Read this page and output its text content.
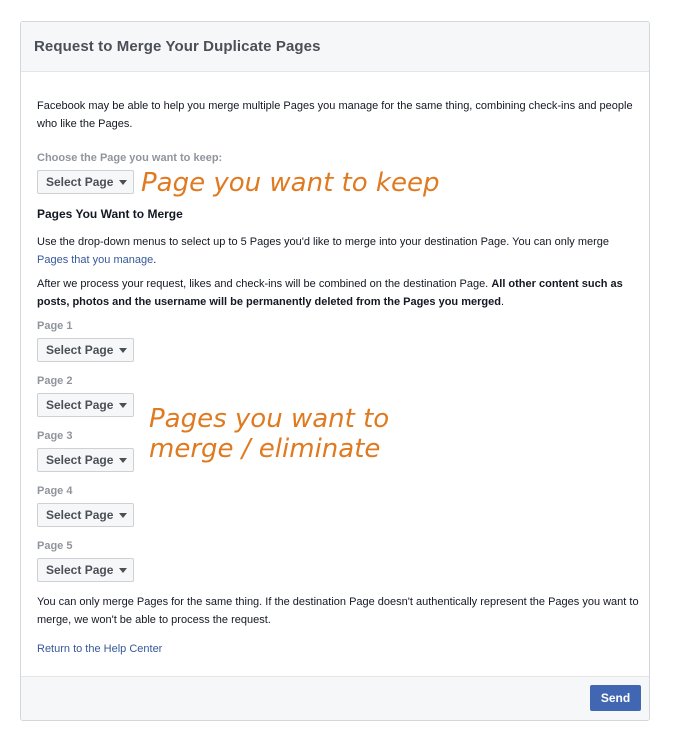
Request to Merge Your Duplicate Pages

Facebook may be able to help you merge multiple Pages you manage for the same thing, combining check-ins and people who like the Pages.

Choose the Page you want to keep:
Select Page Page you want to keep
Pages You Want to Merge

Use the drop-down menus to select up to 5 Pages you'd like to merge into your destination Page. You can only merge Pages that you manage.

After we process your request, likes and check-ins will be combined on the destination Page. All other content such as posts, photos and the username will be permanently deleted from the Pages you merged.

Page 1
Select Page
Page 2
Select Page
Page 3
Select Page
Page 4
Select Page
Page 5
Select Page
Pages you want to
merge / eliminate

You can only merge Pages for the same thing. If the destination Page doesn't authentically represent the Pages you want to merge, we won't be able to process the request.

Return to the Help Center
Send
